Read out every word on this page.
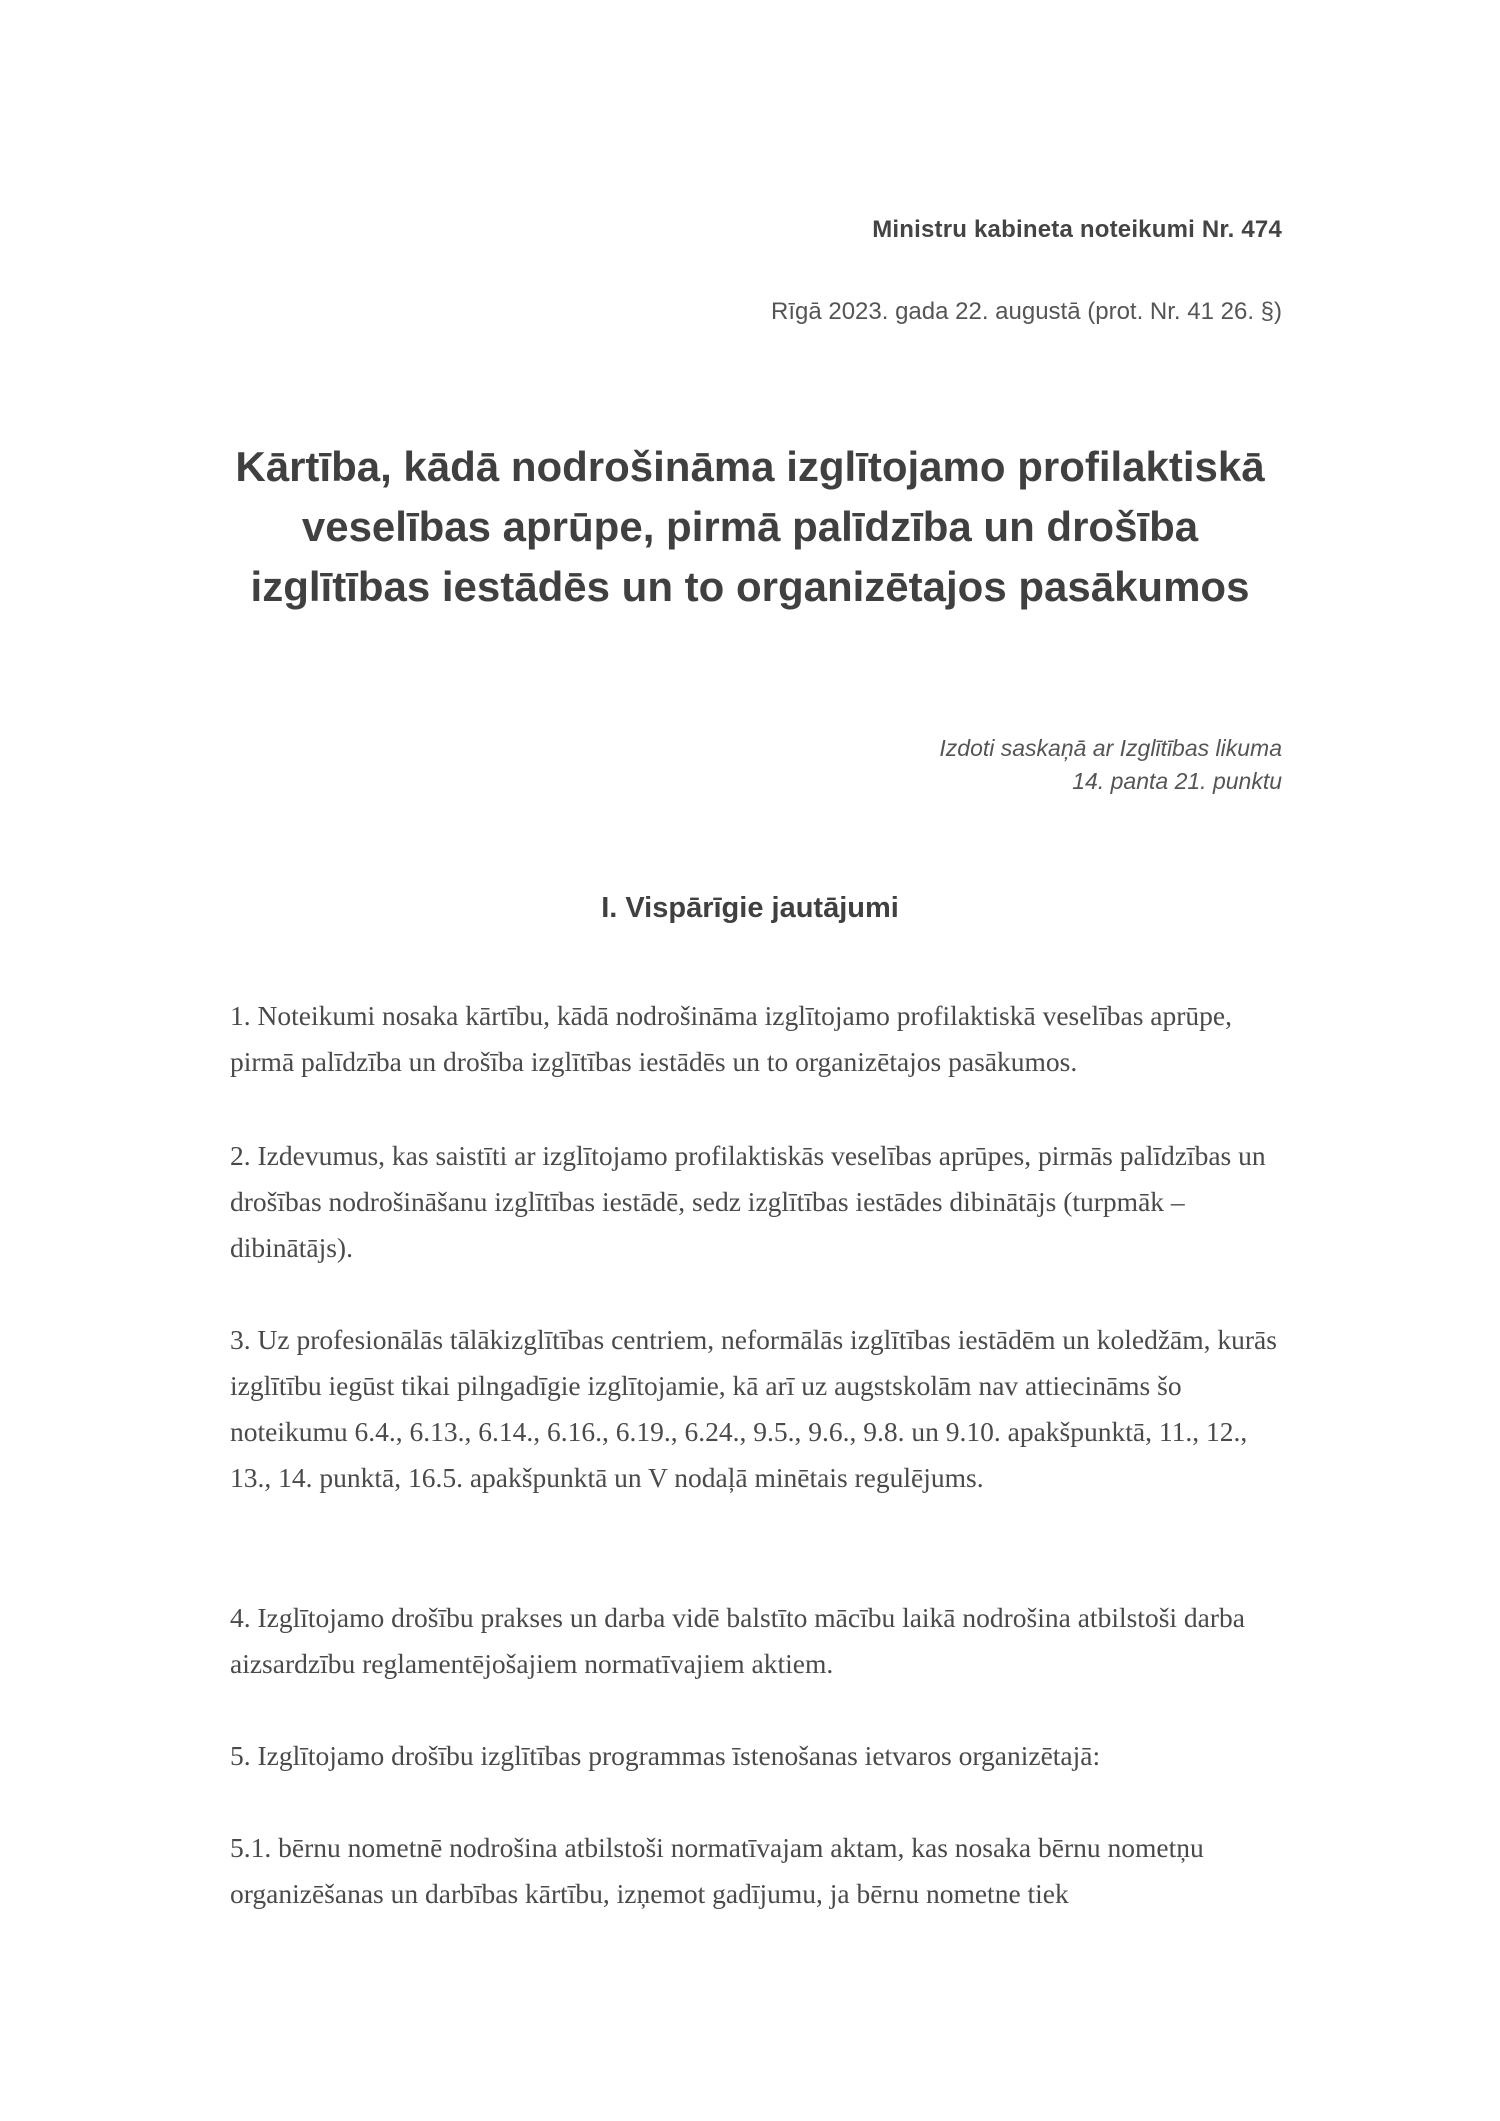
Ministru kabineta noteikumi Nr. 474
Rīgā 2023. gada 22. augustā (prot. Nr. 41 26. §)
Kārtība, kādā nodrošināma izglītojamo profilaktiskā veselības aprūpe, pirmā palīdzība un drošība izglītības iestādēs un to organizētajos pasākumos
Izdoti saskaņā ar Izglītības likuma
14. panta 21. punktu
I. Vispārīgie jautājumi

1. Noteikumi nosaka kārtību, kādā nodrošināma izglītojamo profilaktiskā veselības aprūpe, pirmā palīdzība un drošība izglītības iestādēs un to organizētajos pasākumos.

2. Izdevumus, kas saistīti ar izglītojamo profilaktiskās veselības aprūpes, pirmās palīdzības un drošības nodrošināšanu izglītības iestādē, sedz izglītības iestādes dibinātājs (turpmāk – dibinātājs).

3. Uz profesionālās tālākizglītības centriem, neformālās izglītības iestādēm un koledžām, kurās izglītību iegūst tikai pilngadīgie izglītojamie, kā arī uz augstskolām nav attiecināms šo noteikumu 6.4., 6.13., 6.14., 6.16., 6.19., 6.24., 9.5., 9.6., 9.8. un 9.10. apakšpunktā, 11., 12., 13., 14. punktā, 16.5. apakšpunktā un V nodaļā minētais regulējums.

4. Izglītojamo drošību prakses un darba vidē balstīto mācību laikā nodrošina atbilstoši darba aizsardzību reglamentējošajiem normatīvajiem aktiem.

5. Izglītojamo drošību izglītības programmas īstenošanas ietvaros organizētajā:

5.1. bērnu nometnē nodrošina atbilstoši normatīvajam aktam, kas nosaka bērnu nometņu organizēšanas un darbības kārtību, izņemot gadījumu, ja bērnu nometne tiek
